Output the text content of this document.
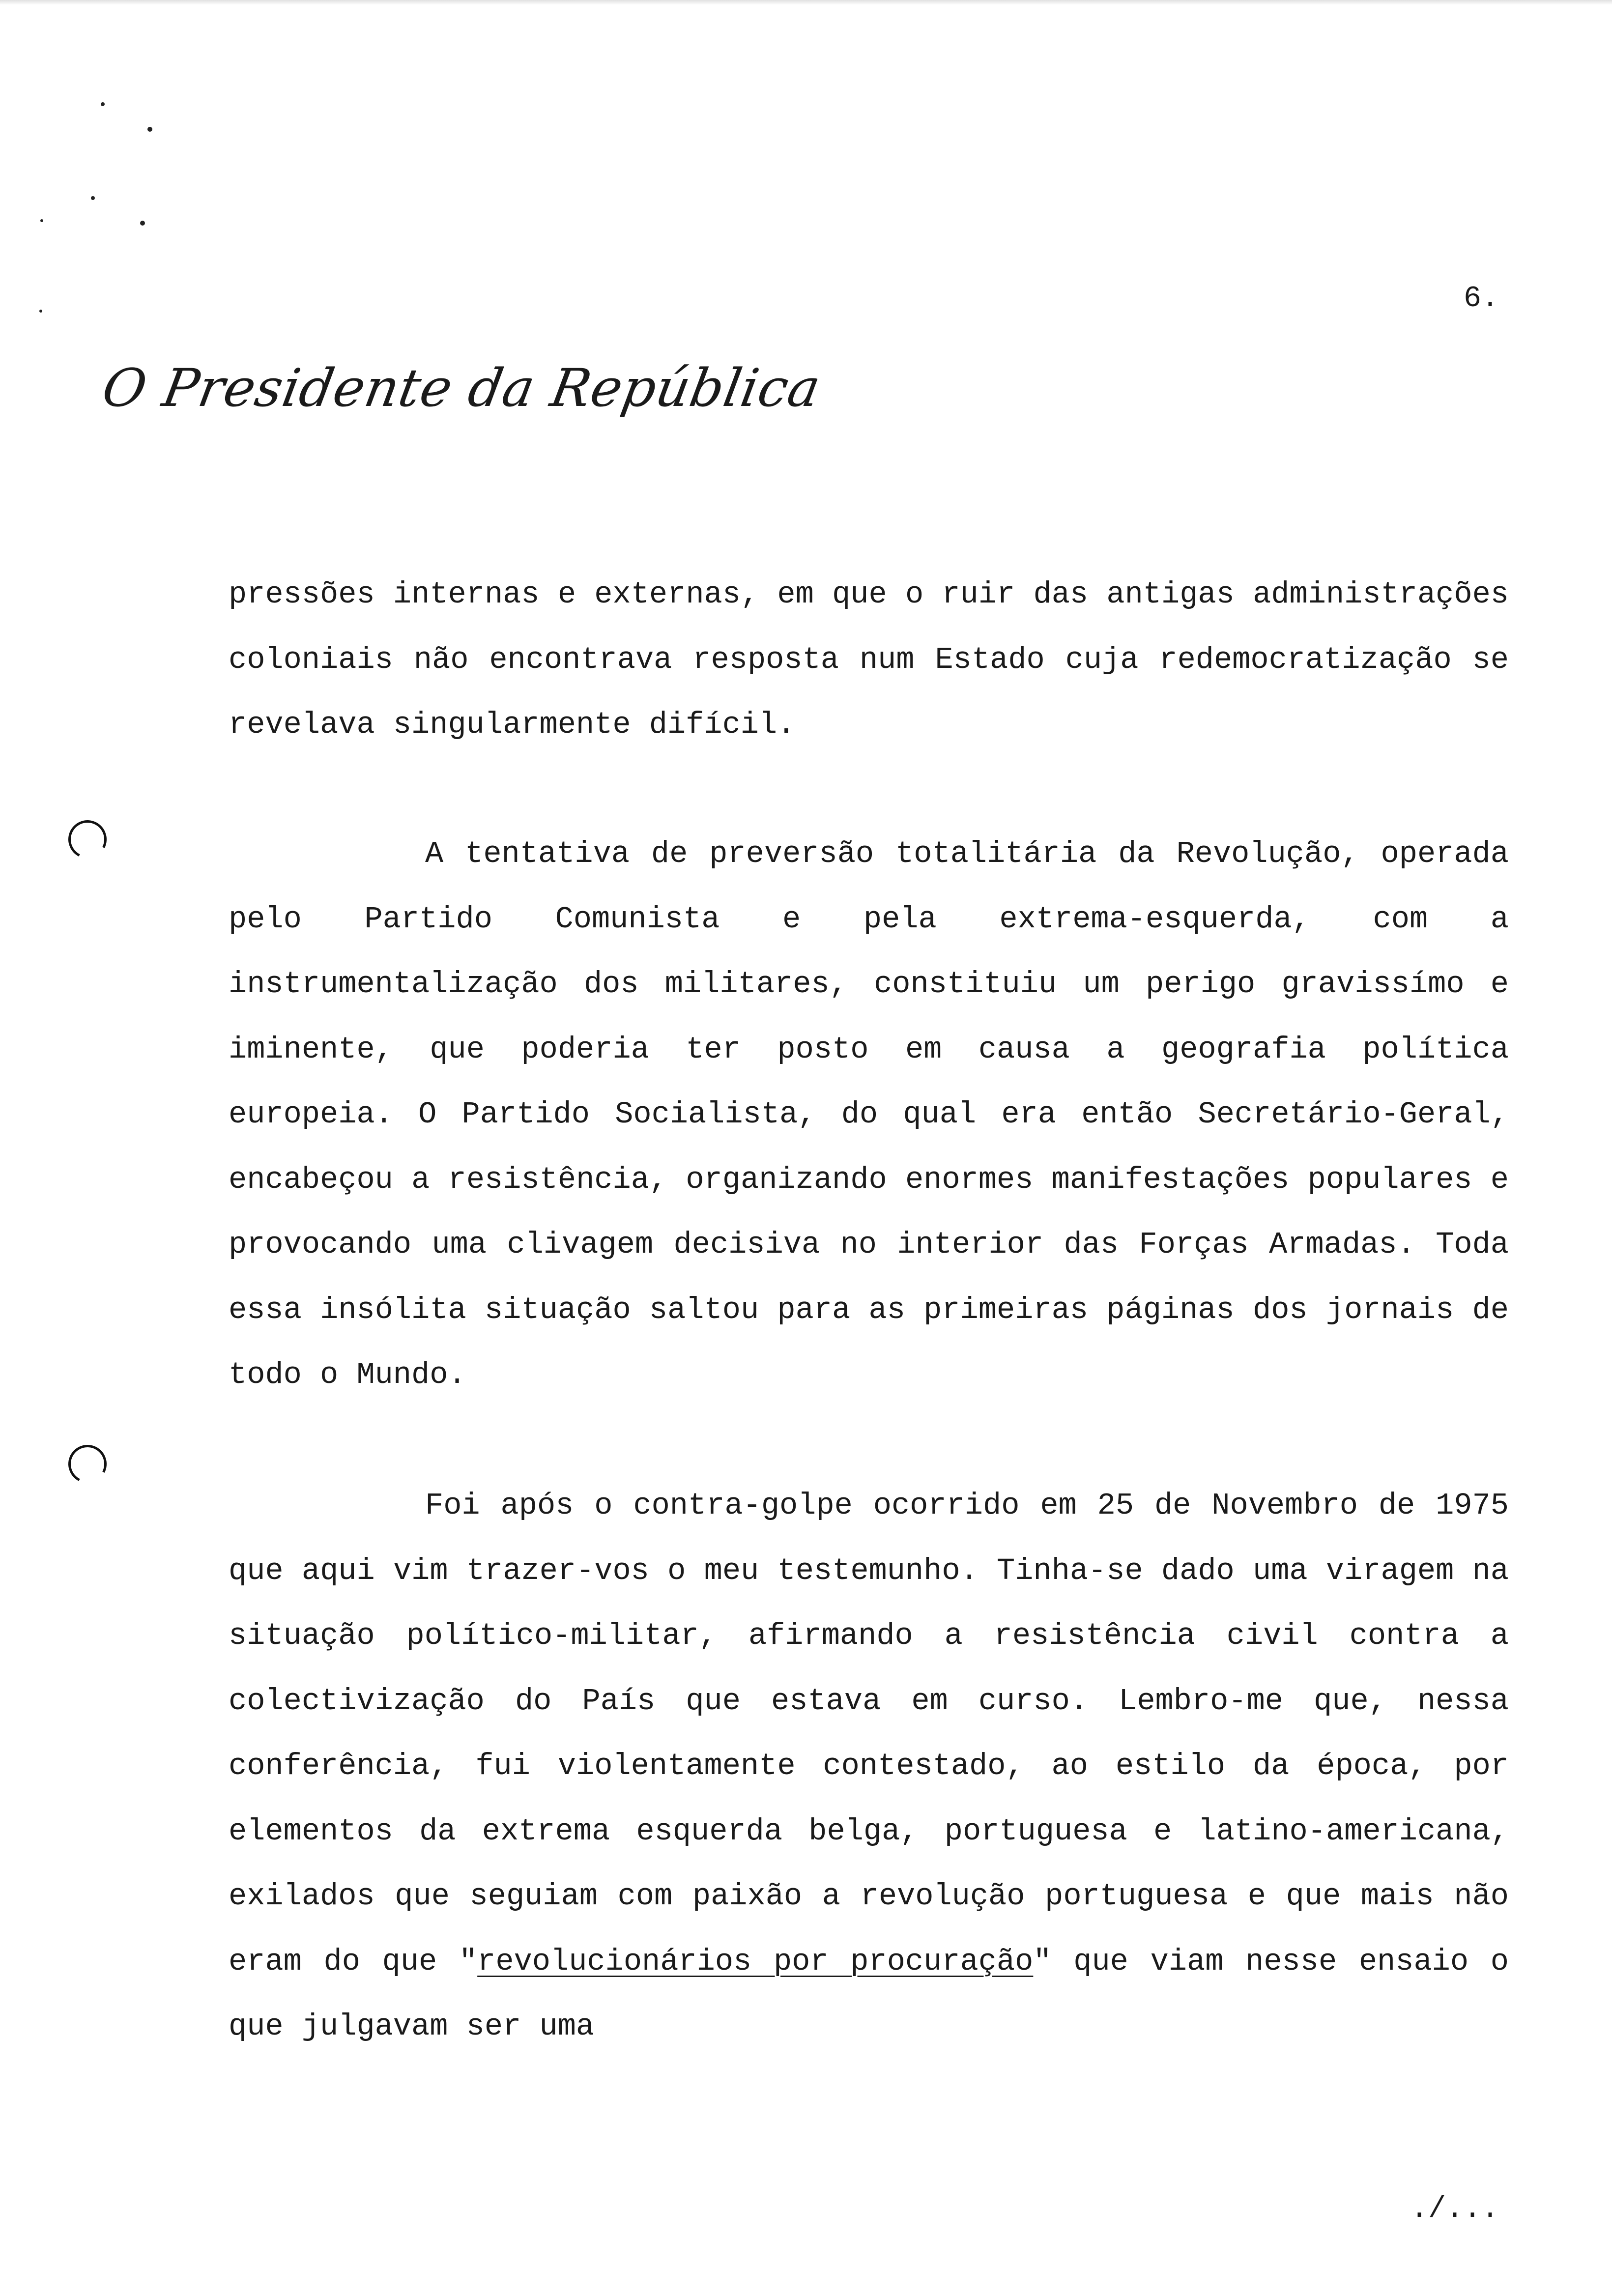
6.
O Presidente da República

pressões internas e externas, em que o ruir das antigas administrações coloniais não encontrava resposta num Estado cuja redemocratização se revelava singularmente difícil.

A tentativa de preversão totalitária da Revolução, operada pelo Partido Comunista e pela extrema-esquerda, com a instrumentalização dos militares, constituiu um perigo gravissímo e iminente, que poderia ter posto em causa a geografia política europeia. O Partido Socialista, do qual era então Secretário-Geral, encabeçou a resistência, organizando enormes manifestações populares e provocando uma clivagem decisiva no interior das Forças Armadas. Toda essa insólita situação saltou para as primeiras páginas dos jornais de todo o Mundo.

Foi após o contra-golpe ocorrido em 25 de Novembro de 1975 que aqui vim trazer-vos o meu testemunho. Tinha-se dado uma viragem na situação político-militar, afirmando a resistência civil contra a colectivização do País que estava em curso. Lembro-me que, nessa conferência, fui violentamente contestado, ao estilo da época, por elementos da extrema esquerda belga, portuguesa e latino-americana, exilados que seguiam com paixão a revolução portuguesa e que mais não eram do que "revolucionários por procuração" que viam nesse ensaio o que julgavam ser uma

./...
